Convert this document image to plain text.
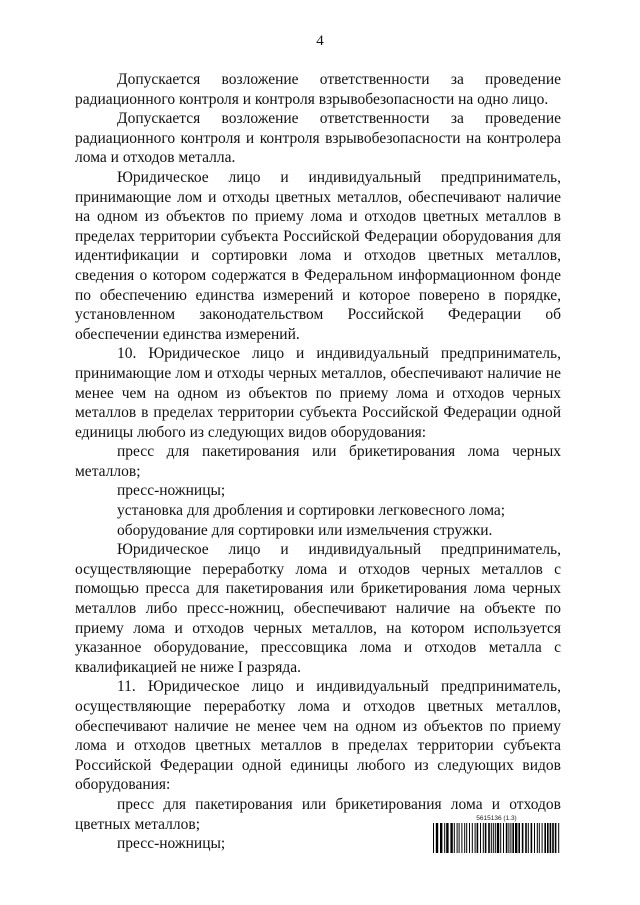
4

Допускается возложение ответственности за проведение радиационного контроля и контроля взрывобезопасности на одно лицо.

Допускается возложение ответственности за проведение радиационного контроля и контроля взрывобезопасности на контролера лома и отходов металла.

Юридическое лицо и индивидуальный предприниматель, принимающие лом и отходы цветных металлов, обеспечивают наличие на одном из объектов по приему лома и отходов цветных металлов в пределах территории субъекта Российской Федерации оборудования для идентификации и сортировки лома и отходов цветных металлов, сведения о котором содержатся в Федеральном информационном фонде по обеспечению единства измерений и которое поверено в порядке, установленном законодательством Российской Федерации об обеспечении единства измерений.

10. Юридическое лицо и индивидуальный предприниматель, принимающие лом и отходы черных металлов, обеспечивают наличие не менее чем на одном из объектов по приему лома и отходов черных металлов в пределах территории субъекта Российской Федерации одной единицы любого из следующих видов оборудования:

пресс для пакетирования или брикетирования лома черных металлов;

пресс-ножницы;

установка для дробления и сортировки легковесного лома;

оборудование для сортировки или измельчения стружки.

Юридическое лицо и индивидуальный предприниматель, осуществляющие переработку лома и отходов черных металлов с помощью пресса для пакетирования или брикетирования лома черных металлов либо пресс-ножниц, обеспечивают наличие на объекте по приему лома и отходов черных металлов, на котором используется указанное оборудование, прессовщика лома и отходов металла с квалификацией не ниже I разряда.

11. Юридическое лицо и индивидуальный предприниматель, осуществляющие переработку лома и отходов цветных металлов, обеспечивают наличие не менее чем на одном из объектов по приему лома и отходов цветных металлов в пределах территории субъекта Российской Федерации одной единицы любого из следующих видов оборудования:

пресс для пакетирования или брикетирования лома и отходов цветных металлов;

пресс-ножницы;

5615136 (1.3)
